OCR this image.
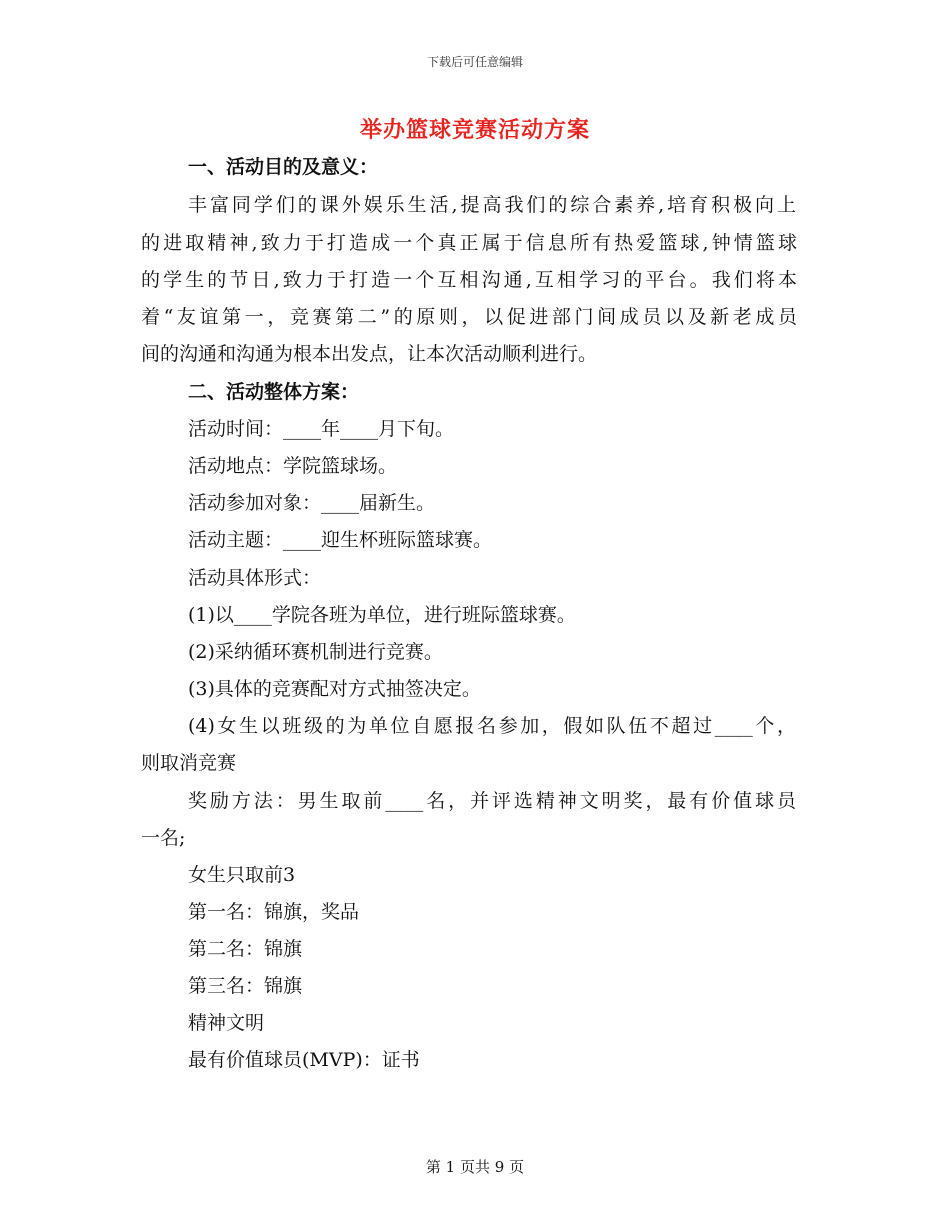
下载后可任意编辑
举办篮球竞赛活动方案
一、活动目的及意义：
丰富同学们的课外娱乐生活,提高我们的综合素养,培育积极向上
的进取精神,致力于打造成一个真正属于信息所有热爱篮球,钟情篮球
的学生的节日,致力于打造一个互相沟通,互相学习的平台。我们将本
着“友谊第一，竞赛第二”的原则，以促进部门间成员以及新老成员
间的沟通和沟通为根本出发点，让本次活动顺利进行。
二、活动整体方案：
活动时间：____年____月下旬。
活动地点：学院篮球场。
活动参加对象：____届新生。
活动主题：____迎生杯班际篮球赛。
活动具体形式：
(1)以____学院各班为单位，进行班际篮球赛。
(2)采纳循环赛机制进行竞赛。
(3)具体的竞赛配对方式抽签决定。
(4)女生以班级的为单位自愿报名参加，假如队伍不超过____个，
则取消竞赛
奖励方法：男生取前____名，并评选精神文明奖，最有价值球员
一名;
女生只取前3
第一名：锦旗，奖品
第二名：锦旗
第三名：锦旗
精神文明
最有价值球员(MVP)：证书
第 1 页共 9 页
